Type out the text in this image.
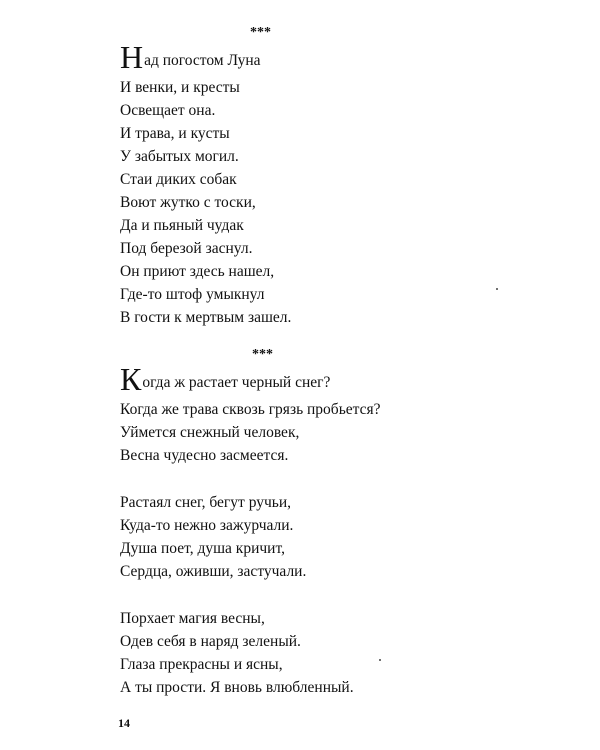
***
Над погостом Луна
И венки, и кресты
Освещает она.
И трава, и кусты
У забытых могил.
Стаи диких собак
Воют жутко с тоски,
Да и пьяный чудак
Под березой заснул.
Он приют здесь нашел,
Где-то штоф умыкнул
В гости к мертвым зашел.
***
Когда ж растает черный снег?
Когда же трава сквозь грязь пробьется?
Уймется снежный человек,
Весна чудесно засмеется.
Растаял снег, бегут ручьи,
Куда-то нежно зажурчали.
Душа поет, душа кричит,
Сердца, оживши, застучали.
Порхает магия весны,
Одев себя в наряд зеленый.
Глаза прекрасны и ясны,
А ты прости. Я вновь влюбленный.
14
